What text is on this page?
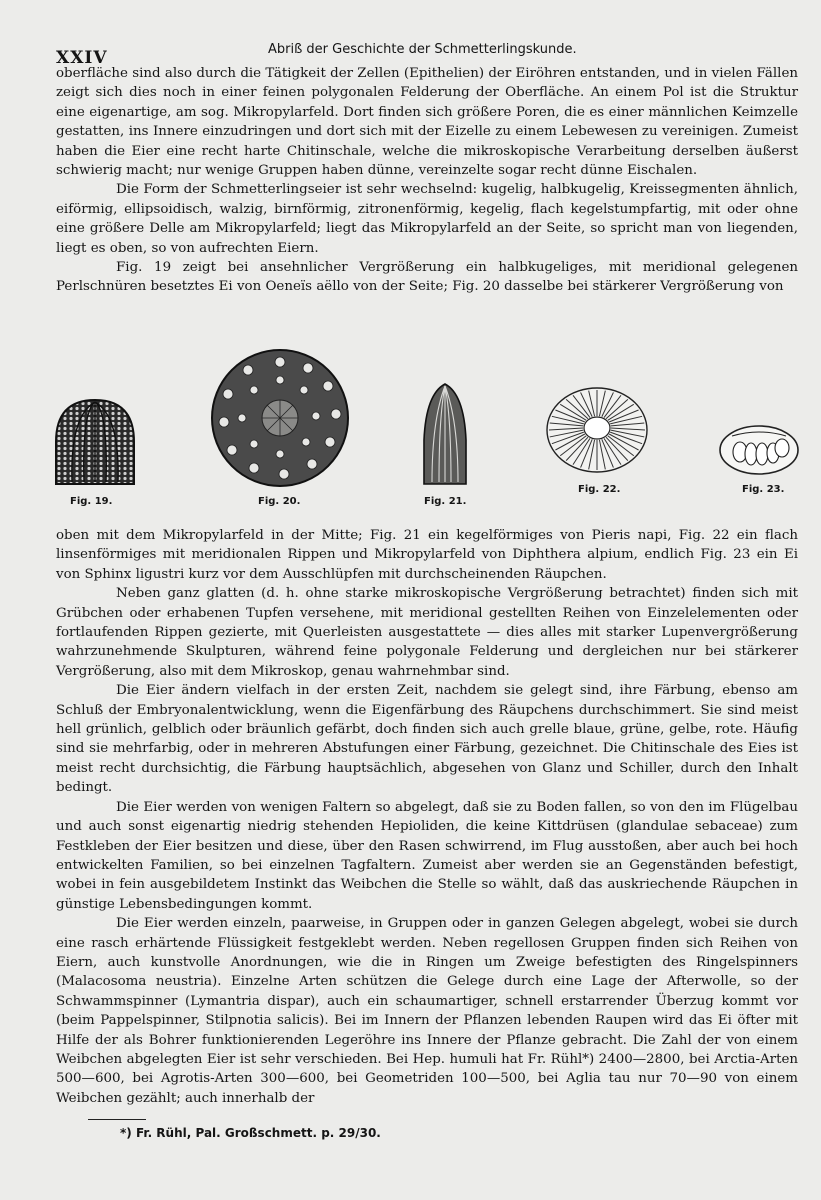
XXIV	Abriß der Geschichte der Schmetterlingskunde.

oberfläche sind also durch die Tätigkeit der Zellen (Epithelien) der Eiröhren entstanden, und in vielen Fällen zeigt sich dies noch in einer feinen polygonalen Felderung der Oberfläche. An einem Pol ist die Struktur eine eigenartige, am sog. Mikropylarfeld. Dort finden sich größere Poren, die es einer männlichen Keimzelle gestatten, ins Innere einzudringen und dort sich mit der Eizelle zu einem Lebewesen zu vereinigen. Zumeist haben die Eier eine recht harte Chitinschale, welche die mikroskopische Verarbeitung derselben äußerst schwierig macht; nur wenige Gruppen haben dünne, vereinzelte sogar recht dünne Eischalen.

Die Form der Schmetterlingseier ist sehr wechselnd: kugelig, halbkugelig, Kreissegmenten ähnlich, eiförmig, ellipsoidisch, walzig, birnförmig, zitronenförmig, kegelig, flach kegelstumpfartig, mit oder ohne eine größere Delle am Mikropylarfeld; liegt das Mikropylarfeld an der Seite, so spricht man von liegenden, liegt es oben, so von aufrechten Eiern.

Fig. 19 zeigt bei ansehnlicher Vergrößerung ein halbkugeliges, mit meridional gelegenen Perlschnüren besetztes Ei von Oeneïs aëllo von der Seite; Fig. 20 dasselbe bei stärkerer Vergrößerung von

Fig. 19.	Fig. 20.	Fig. 21.
Fig. 22.	Fig. 23.

oben mit dem Mikropylarfeld in der Mitte; Fig. 21 ein kegelförmiges von Pieris napi, Fig. 22 ein flach linsenförmiges mit meridionalen Rippen und Mikropylarfeld von Diphthera alpium, endlich Fig. 23 ein Ei von Sphinx ligustri kurz vor dem Ausschlüpfen mit durchscheinenden Räupchen.

Neben ganz glatten (d. h. ohne starke mikroskopische Vergrößerung betrachtet) finden sich mit Grübchen oder erhabenen Tupfen versehene, mit meridional gestellten Reihen von Einzelelementen oder fortlaufenden Rippen gezierte, mit Querleisten ausgestattete — dies alles mit starker Lupenvergrößerung wahrzunehmende Skulpturen, während feine polygonale Felderung und dergleichen nur bei stärkerer Vergrößerung, also mit dem Mikroskop, genau wahrnehmbar sind.

Die Eier ändern vielfach in der ersten Zeit, nachdem sie gelegt sind, ihre Färbung, ebenso am Schluß der Embryonalentwicklung, wenn die Eigenfärbung des Räupchens durchschimmert. Sie sind meist hell grünlich, gelblich oder bräunlich gefärbt, doch finden sich auch grelle blaue, grüne, gelbe, rote. Häufig sind sie mehrfarbig, oder in mehreren Abstufungen einer Färbung, gezeichnet. Die Chitinschale des Eies ist meist recht durchsichtig, die Färbung hauptsächlich, abgesehen von Glanz und Schiller, durch den Inhalt bedingt.

Die Eier werden von wenigen Faltern so abgelegt, daß sie zu Boden fallen, so von den im Flügelbau und auch sonst eigenartig niedrig stehenden Hepioliden, die keine Kittdrüsen (glandulae sebaceae) zum Festkleben der Eier besitzen und diese, über den Rasen schwirrend, im Flug ausstoßen, aber auch bei hoch entwickelten Familien, so bei einzelnen Tagfaltern. Zumeist aber werden sie an Gegenständen befestigt, wobei in fein ausgebildetem Instinkt das Weibchen die Stelle so wählt, daß das auskriechende Räupchen in günstige Lebensbedingungen kommt.

Die Eier werden einzeln, paarweise, in Gruppen oder in ganzen Gelegen abgelegt, wobei sie durch eine rasch erhärtende Flüssigkeit festgeklebt werden. Neben regellosen Gruppen finden sich Reihen von Eiern, auch kunstvolle Anordnungen, wie die in Ringen um Zweige befestigten des Ringelspinners (Malacosoma neustria). Einzelne Arten schützen die Gelege durch eine Lage der Afterwolle, so der Schwammspinner (Lymantria dispar), auch ein schaumartiger, schnell erstarrender Überzug kommt vor (beim Pappelspinner, Stilpnotia salicis). Bei im Innern der Pflanzen lebenden Raupen wird das Ei öfter mit Hilfe der als Bohrer funktionierenden Legeröhre ins Innere der Pflanze gebracht. Die Zahl der von einem Weibchen abgelegten Eier ist sehr verschieden. Bei Hep. humuli hat Fr. Rühl*) 2400—2800, bei Arctia-Arten 500—600, bei Agrotis-Arten 300—600, bei Geometriden 100—500, bei Aglia tau nur 70—90 von einem Weibchen gezählt; auch innerhalb der

*) Fr. Rühl, Pal. Großschmett. p. 29/30.
